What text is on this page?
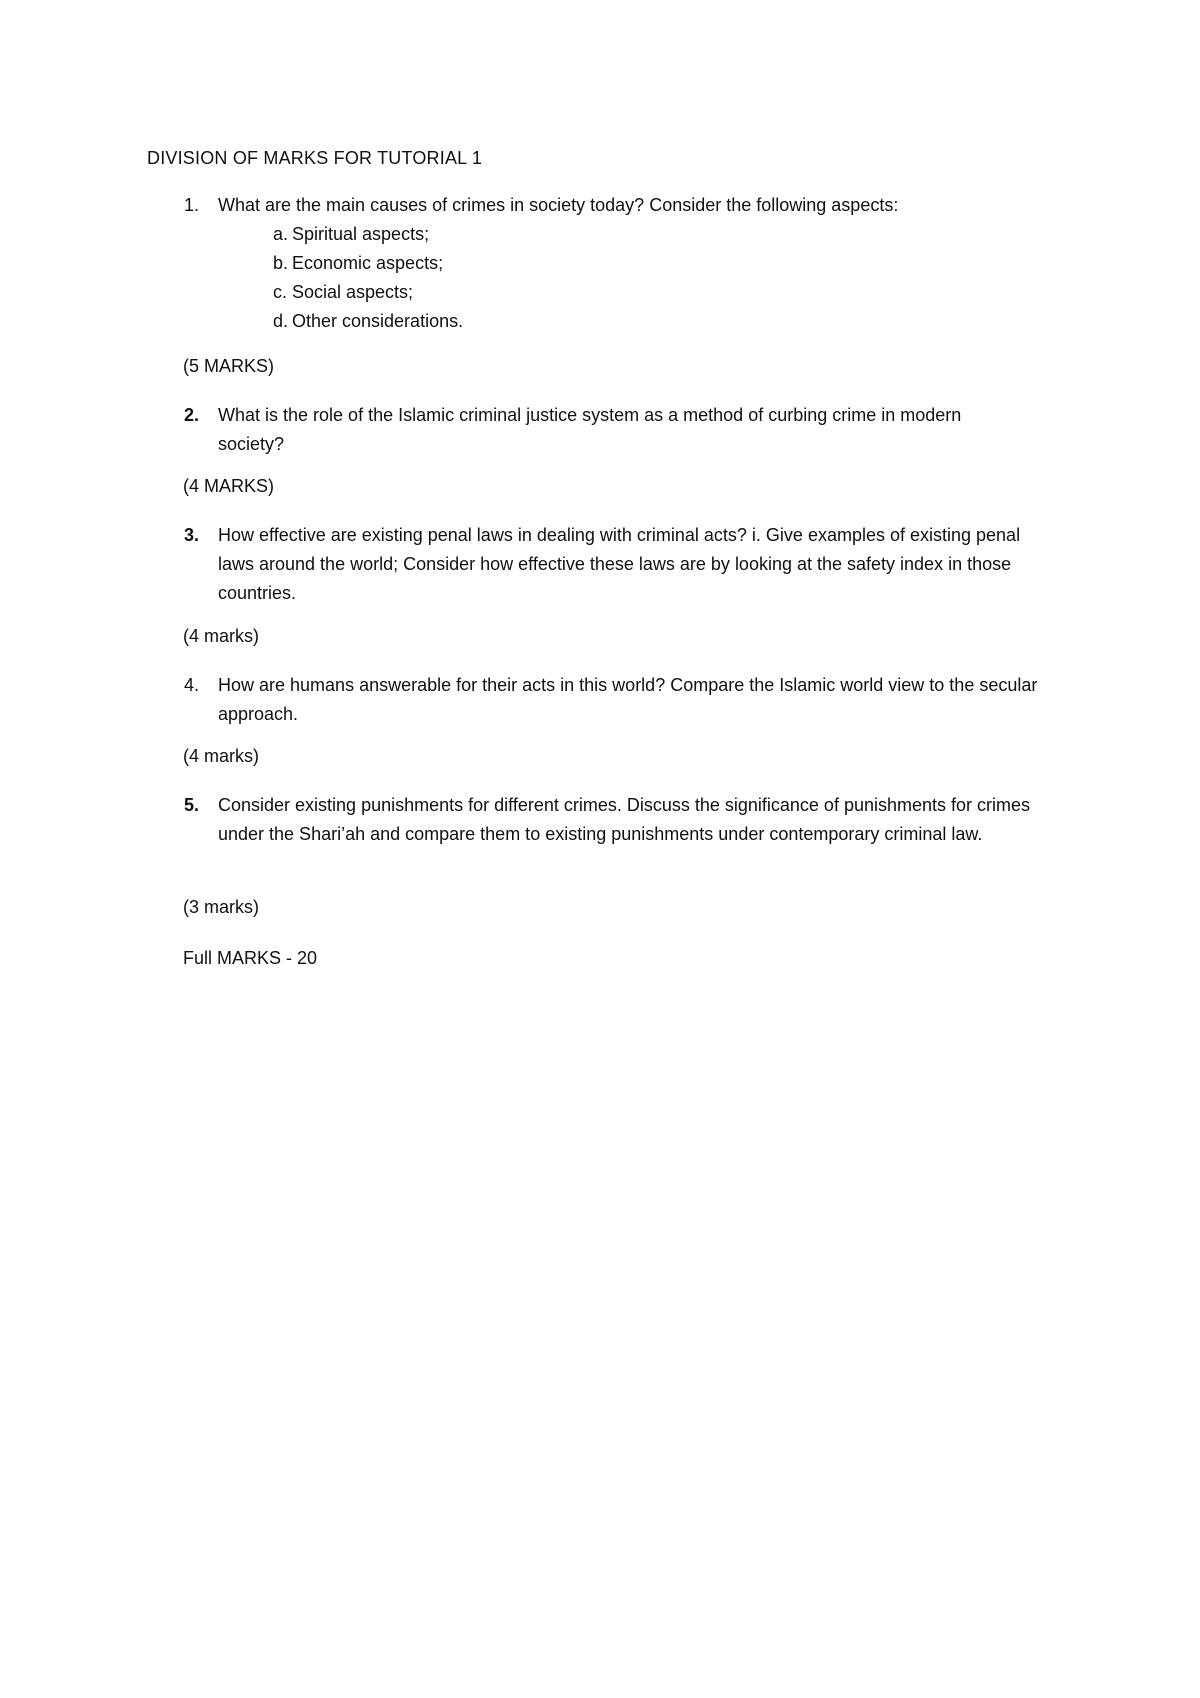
DIVISION OF MARKS FOR TUTORIAL 1
1. What are the main causes of crimes in society today? Consider the following aspects:
a. Spiritual aspects;
b. Economic aspects;
c. Social aspects;
d. Other considerations.
(5 MARKS)
2. What is the role of the Islamic criminal justice system as a method of curbing crime in modern society?
(4 MARKS)
3. How effective are existing penal laws in dealing with criminal acts? i. Give examples of existing penal laws around the world; Consider how effective these laws are by looking at the safety index in those countries.
(4 marks)
4. How are humans answerable for their acts in this world? Compare the Islamic world view to the secular approach.
(4 marks)
5. Consider existing punishments for different crimes. Discuss the significance of punishments for crimes under the Shari’ah and compare them to existing punishments under contemporary criminal law.
(3 marks)
Full MARKS - 20
